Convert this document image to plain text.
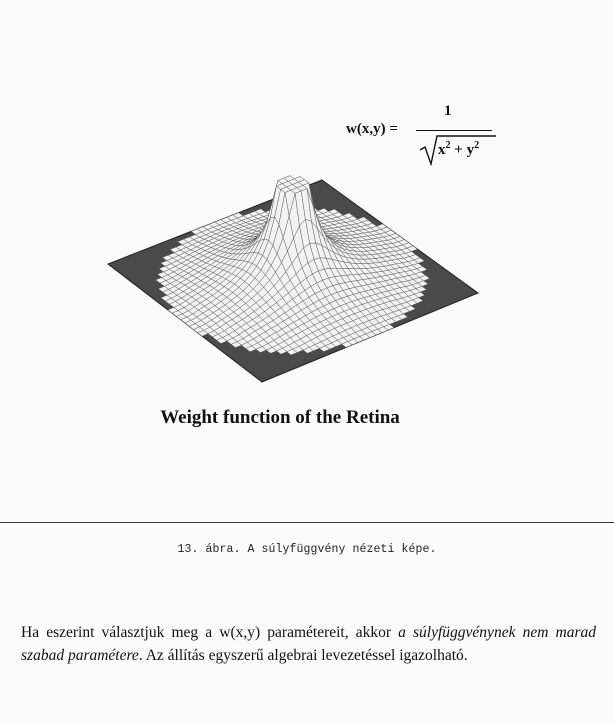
w(x,y) =
1
$x^2 + y^2$
Weight function of the Retina
13. ábra. A súlyfüggvény nézeti képe.
Ha eszerint választjuk meg a w(x,y) paramétereit, akkor a súlyfüggvénynek nem marad szabad paramétere. Az állítás egyszerű algebrai levezetéssel igazolható.
